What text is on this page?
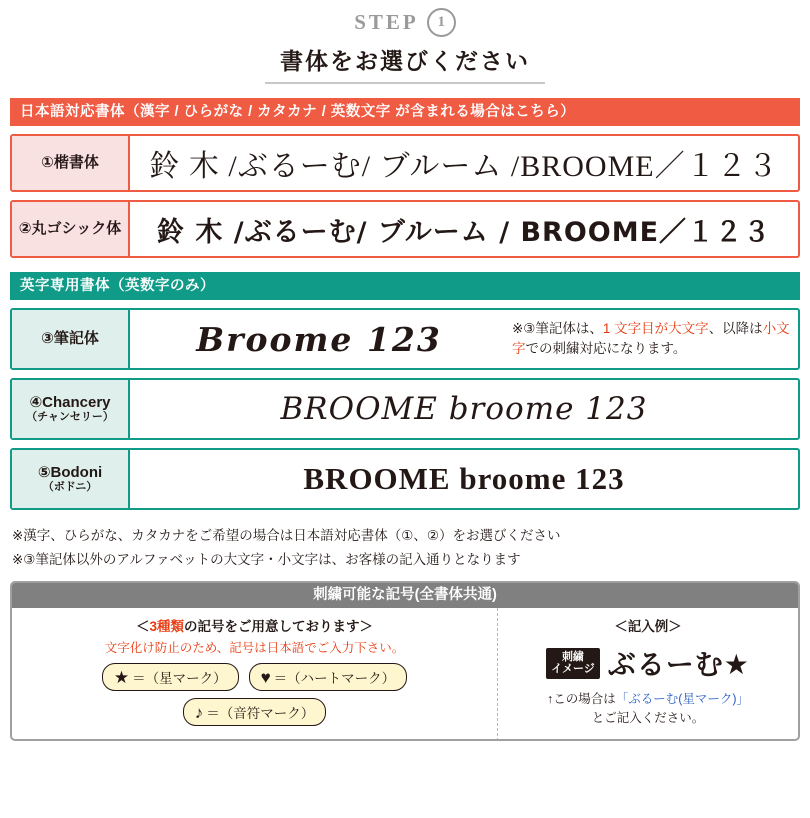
STEP	1
書体をお選びください
日本語対応書体（漢字 / ひらがな / カタカナ / 英数文字 が含まれる場合はこちら）
①楷書体	鈴 木 /ぶるーむ/ ブルーム /BROOME／１２３
②丸ゴシック体	鈴 木 /ぶるーむ/ ブルーム / BROOME／１２３
英字専用書体（英数字のみ）
③筆記体	Broome 123	※③筆記体は、1 文字目が大文字、以降は小文字での刺繍対応になります。
④Chancery
（チャンセリー）	BROOME broome 123
⑤Bodoni
（ボドニ）	BROOME broome 123
※漢字、ひらがな、カタカナをご希望の場合は日本語対応書体（①、②）をお選びください
※③筆記体以外のアルファベットの大文字・小文字は、お客様の記入通りとなります
刺繍可能な記号(全書体共通)
＜3種類の記号をご用意しております＞
文字化け防止のため、記号は日本語でご入力下さい。
★ ＝（星マーク） ♥ ＝（ハートマーク）
♪ ＝（音符マーク）
＜記入例＞
刺繍
イメージ ぶるーむ★
↑この場合は「ぶるーむ(星マーク)」
とご記入ください。
